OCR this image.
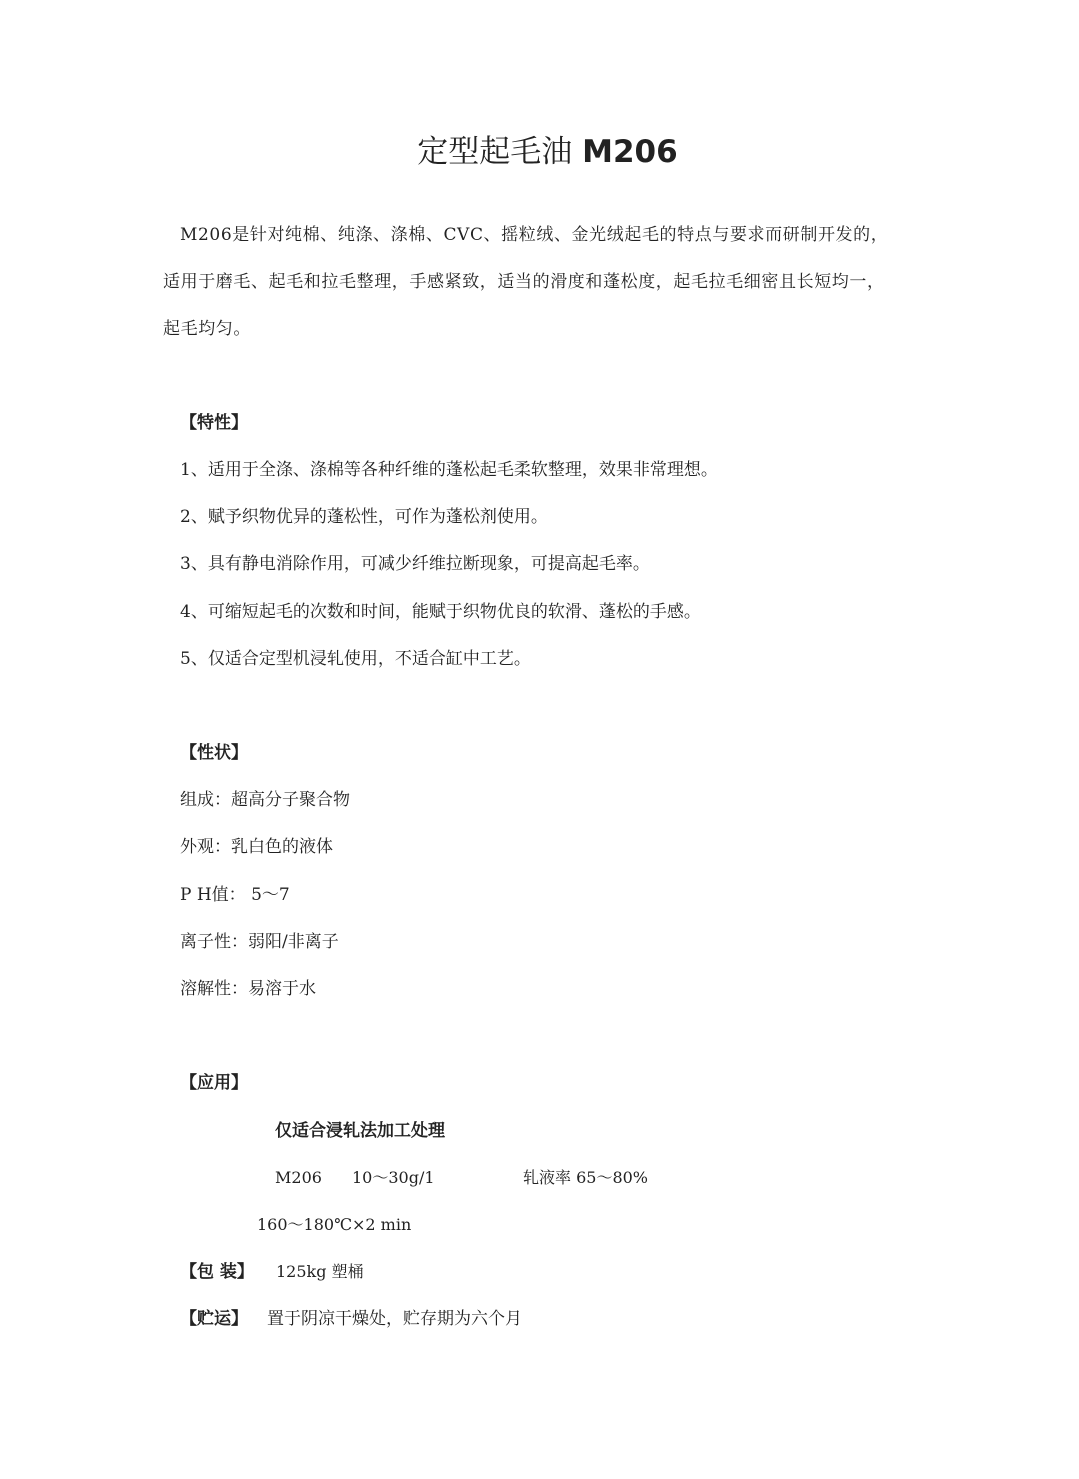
定型起毛油 M206
M206是针对纯棉、纯涤、涤棉、CVC、摇粒绒、金光绒起毛的特点与要求而研制开发的，
适用于磨毛、起毛和拉毛整理，手感紧致，适当的滑度和蓬松度，起毛拉毛细密且长短均一，
起毛均匀。
【特性】
1、适用于全涤、涤棉等各种纤维的蓬松起毛柔软整理，效果非常理想。
2、赋予织物优异的蓬松性，可作为蓬松剂使用。
3、具有静电消除作用，可减少纤维拉断现象，可提高起毛率。
4、可缩短起毛的次数和时间，能赋于织物优良的软滑、蓬松的手感。
5、仅适合定型机浸轧使用，不适合缸中工艺。
【性状】
组成：超高分子聚合物
外观：乳白色的液体
P H值： 5～7
离子性：弱阳/非离子
溶解性：易溶于水
【应用】
仅适合浸轧法加工处理
M206 10～30g/1	轧液率 65～80%
160～180℃×2 min
【包 装】 125kg 塑桶
【贮运】 置于阴凉干燥处，贮存期为六个月
